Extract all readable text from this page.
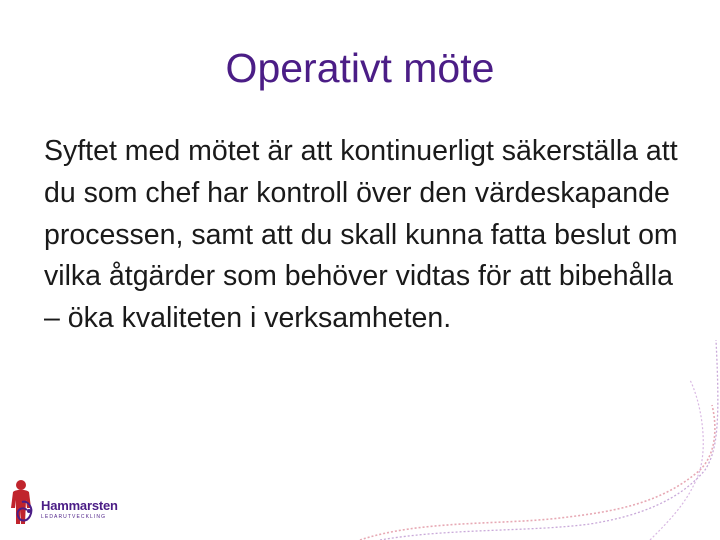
Operativt möte

Syftet med mötet är att kontinuerligt säkerställa att du som chef har kontroll över den värdeskapande processen, samt att du skall kunna fatta beslut om vilka åtgärder som behöver vidtas för att bibehålla – öka kvaliteten i verksamheten.

Hammarsten
LEDARUTVECKLING
